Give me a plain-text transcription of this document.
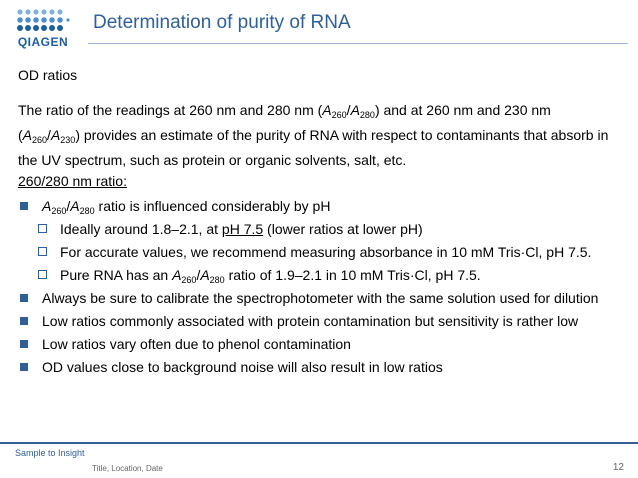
QIAGEN
Determination of purity of RNA
OD ratios
The ratio of the readings at 260 nm and 280 nm $(A_{260}/A_{280})$ and at 260 nm and 230 nm
$(A_{260}/A_{230})$ provides an estimate of the purity of RNA with respect to contaminants that absorb in
the UV spectrum, such as protein or organic solvents, salt, etc.
260/280 nm ratio:
$A_{260}/A_{280}$ ratio is influenced considerably by pH
Ideally around 1.8–2.1, at pH 7.5 (lower ratios at lower pH)
For accurate values, we recommend measuring absorbance in 10 mM Tris·Cl, pH 7.5.
Pure RNA has an $A_{260}/A_{280}$ ratio of 1.9–2.1 in 10 mM Tris·Cl, pH 7.5.
Always be sure to calibrate the spectrophotometer with the same solution used for dilution
Low ratios commonly associated with protein contamination but sensitivity is rather low
Low ratios vary often due to phenol contamination
OD values close to background noise will also result in low ratios
Sample to Insight
Title, Location, Date	12
